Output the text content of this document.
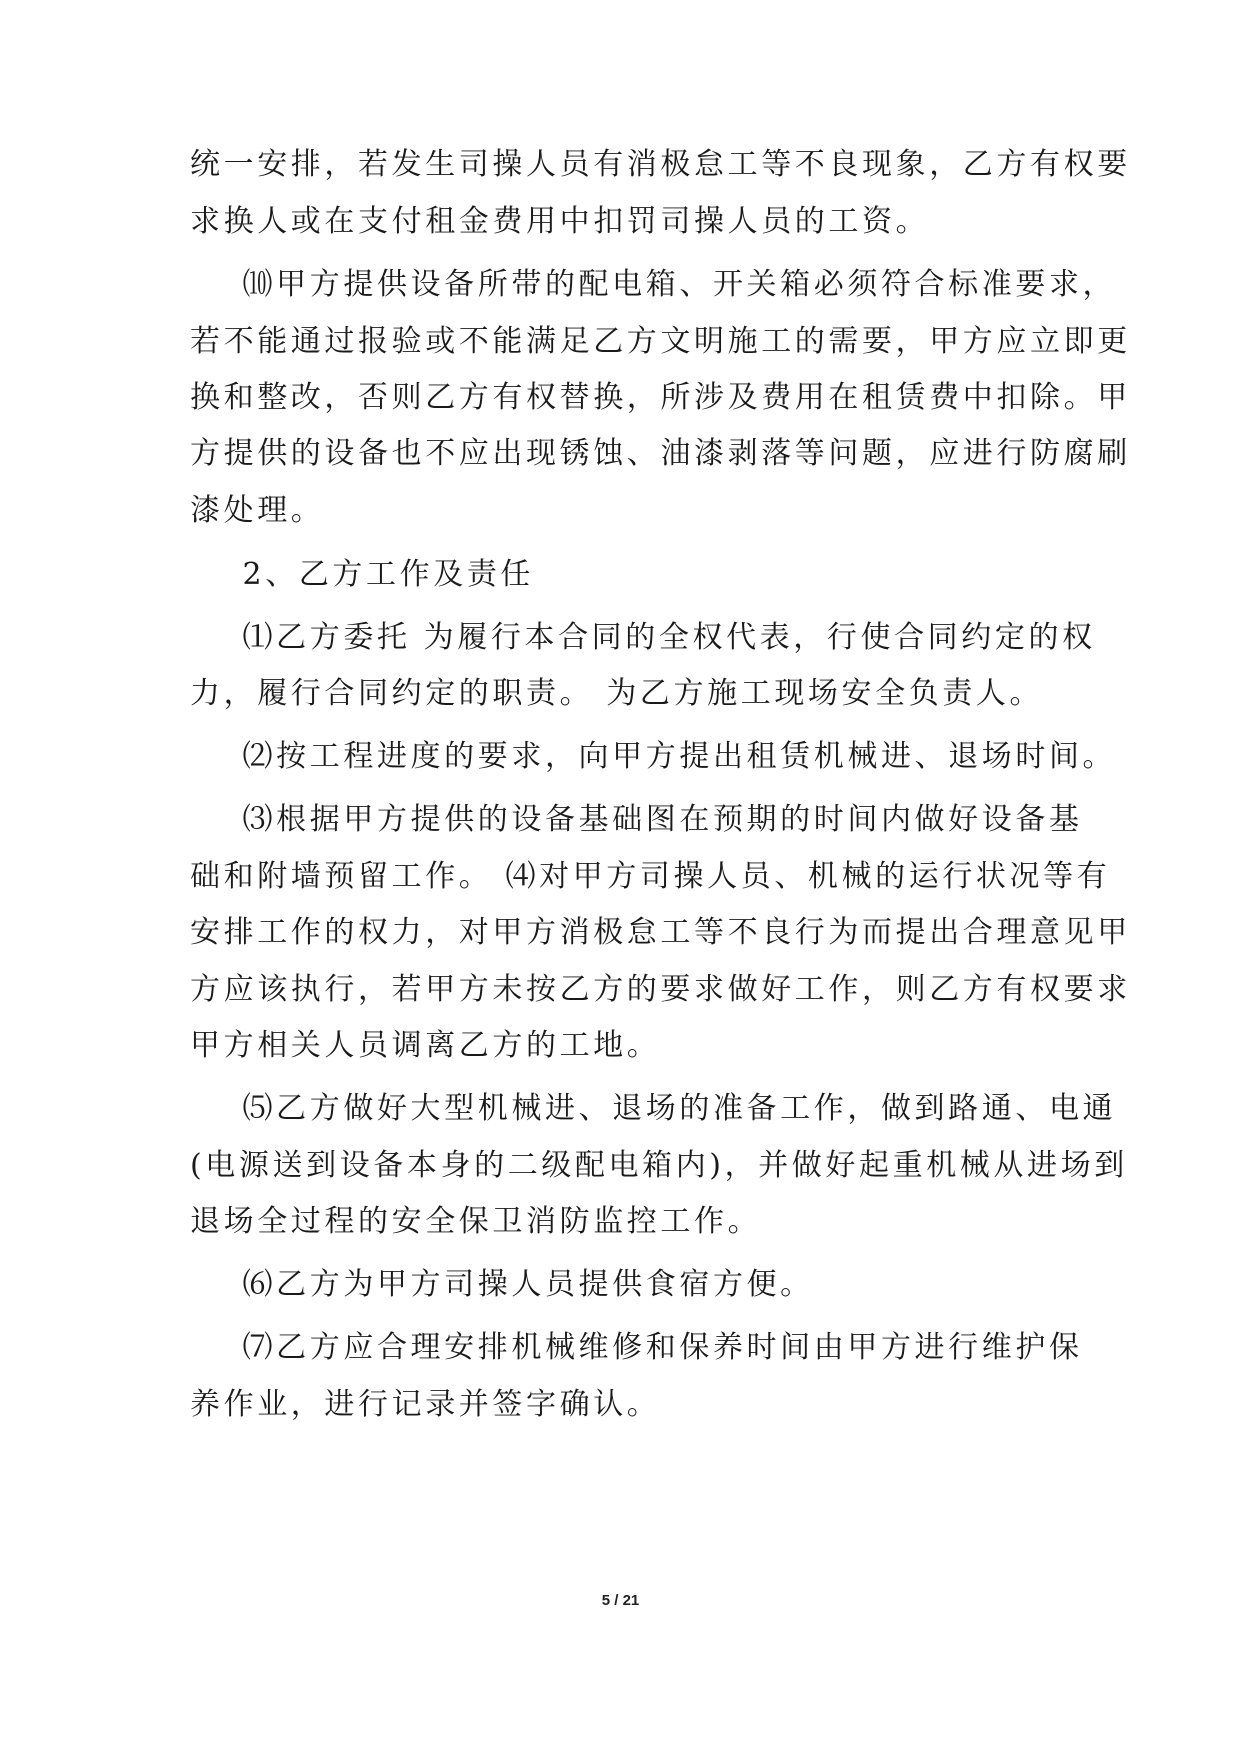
统一安排，若发生司操人员有消极怠工等不良现象，乙方有权要
求换人或在支付租金费用中扣罚司操人员的工资。
⑽甲方提供设备所带的配电箱、开关箱必须符合标准要求，
若不能通过报验或不能满足乙方文明施工的需要，甲方应立即更
换和整改，否则乙方有权替换，所涉及费用在租赁费中扣除。甲
方提供的设备也不应出现锈蚀、油漆剥落等问题，应进行防腐刷
漆处理。
2、乙方工作及责任
⑴乙方委托 为履行本合同的全权代表，行使合同约定的权
力，履行合同约定的职责。 为乙方施工现场安全负责人。
⑵按工程进度的要求，向甲方提出租赁机械进、退场时间。
⑶根据甲方提供的设备基础图在预期的时间内做好设备基
础和附墙预留工作。 ⑷对甲方司操人员、机械的运行状况等有
安排工作的权力，对甲方消极怠工等不良行为而提出合理意见甲
方应该执行，若甲方未按乙方的要求做好工作，则乙方有权要求
甲方相关人员调离乙方的工地。
⑸乙方做好大型机械进、退场的准备工作，做到路通、电通
(电源送到设备本身的二级配电箱内)，并做好起重机械从进场到
退场全过程的安全保卫消防监控工作。
⑹乙方为甲方司操人员提供食宿方便。
⑺乙方应合理安排机械维修和保养时间由甲方进行维护保
养作业，进行记录并签字确认。
5 / 21
